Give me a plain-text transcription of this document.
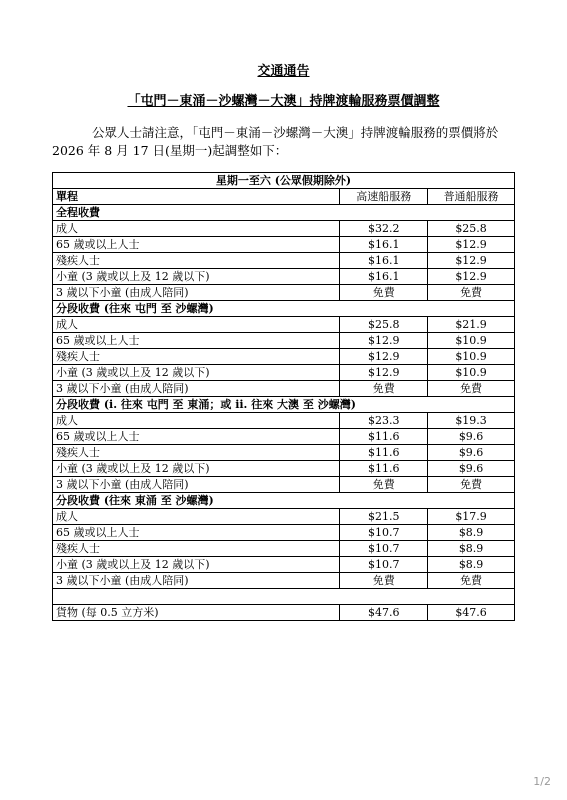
交通通告
「屯門－東涌－沙螺灣－大澳」持牌渡輪服務票價調整
公眾人士請注意，「屯門－東涌－沙螺灣－大澳」持牌渡輪服務的票價將於 2026 年 8 月 17 日(星期一)起調整如下：
星期一至六 (公眾假期除外)		
單程	高速船服務	普通船服務
全程收費		
成人	$32.2	$25.8
65 歲或以上人士	$16.1	$12.9
殘疾人士	$16.1	$12.9
小童 (3 歲或以上及 12 歲以下)	$16.1	$12.9
3 歲以下小童 (由成人陪同)	免費	免費
分段收費 (往來 屯門 至 沙螺灣)		
成人	$25.8	$21.9
65 歲或以上人士	$12.9	$10.9
殘疾人士	$12.9	$10.9
小童 (3 歲或以上及 12 歲以下)	$12.9	$10.9
3 歲以下小童 (由成人陪同)	免費	免費
分段收費 (i. 往來 屯門 至 東涌；或 ii. 往來 大澳 至 沙螺灣)		
成人	$23.3	$19.3
65 歲或以上人士	$11.6	$9.6
殘疾人士	$11.6	$9.6
小童 (3 歲或以上及 12 歲以下)	$11.6	$9.6
3 歲以下小童 (由成人陪同)	免費	免費
分段收費 (往來 東涌 至 沙螺灣)		
成人	$21.5	$17.9
65 歲或以上人士	$10.7	$8.9
殘疾人士	$10.7	$8.9
小童 (3 歲或以上及 12 歲以下)	$10.7	$8.9
3 歲以下小童 (由成人陪同)	免費	免費

貨物 (每 0.5 立方米)	$47.6	$47.6
1/2
